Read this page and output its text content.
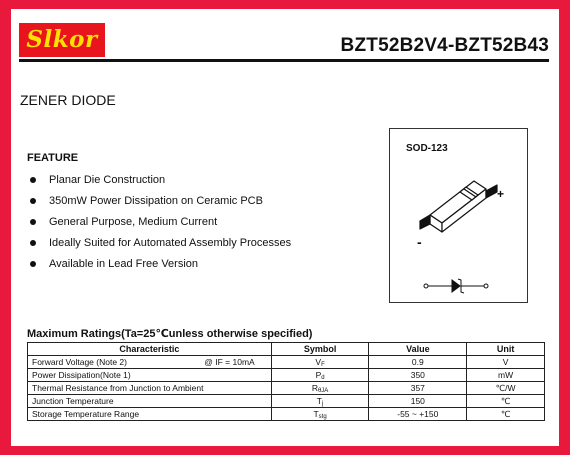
Slkor	BZT52B2V4-BZT52B43
ZENER DIODE
FEATURE
Planar Die Construction
350mW Power Dissipation on Ceramic PCB
General Purpose, Medium Current
Ideally Suited for Automated Assembly Processes
Available in Lead Free Version
SOD-123
+
-
Maximum Ratings(Ta=25℃unless otherwise specified)
Characteristic	Symbol	Value	Unit
Forward Voltage (Note 2) @ IF = 10mA	$V_F$	0.9	V
Power Dissipation(Note 1)	$P_d$	350	mW
Thermal Resistance from Junction to Ambient	$R_{\theta JA}$	357	℃/W
Junction Temperature	$T_j$	150	℃
Storage Temperature Range	$T_{stg}$	-55 ~ +150	℃
